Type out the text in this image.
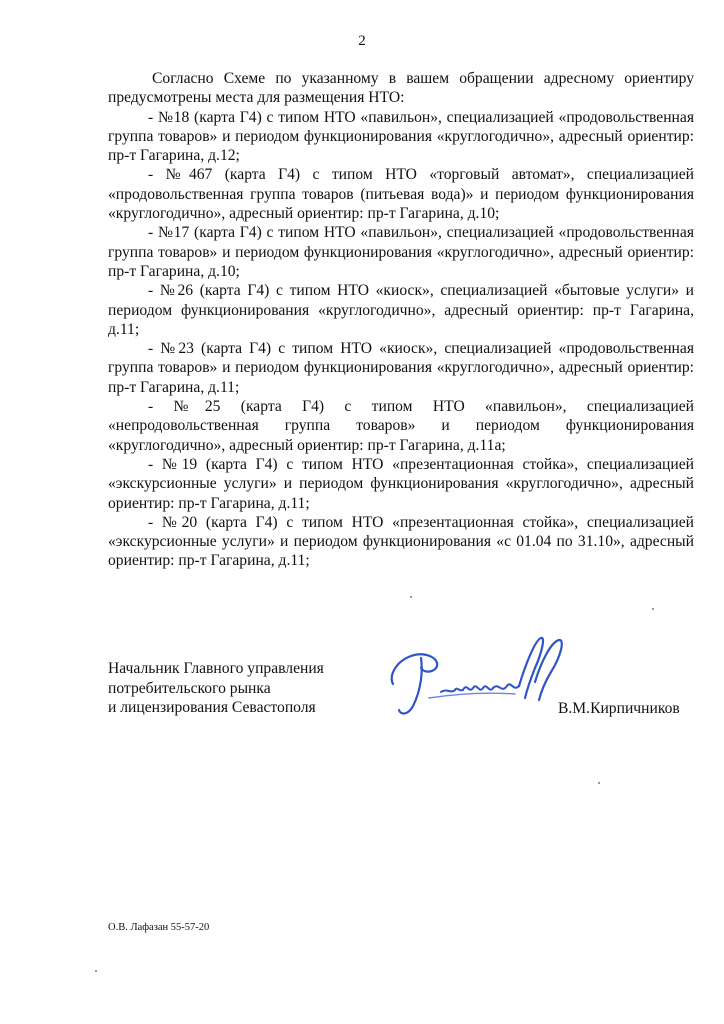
2

Согласно Схеме по указанному в вашем обращении адресному ориентиру предусмотрены места для размещения НТО:

- №18 (карта Г4) с типом НТО «павильон», специализацией «продовольственная группа товаров» и периодом функционирования «круглогодично», адресный ориентир: пр-т Гагарина, д.12;

- №467 (карта Г4) с типом НТО «торговый автомат», специализацией «продовольственная группа товаров (питьевая вода)» и периодом функционирования «круглогодично», адресный ориентир: пр-т Гагарина, д.10;

- №17 (карта Г4) с типом НТО «павильон», специализацией «продовольственная группа товаров» и периодом функционирования «круглогодично», адресный ориентир: пр-т Гагарина, д.10;

- №26 (карта Г4) с типом НТО «киоск», специализацией «бытовые услуги» и периодом функционирования «круглогодично», адресный ориентир: пр-т Гагарина, д.11;

- №23 (карта Г4) с типом НТО «киоск», специализацией «продовольственная группа товаров» и периодом функционирования «круглогодично», адресный ориентир: пр-т Гагарина, д.11;

- №25 (карта Г4) с типом НТО «павильон», специализацией «непродовольственная группа товаров» и периодом функционирования «круглогодично», адресный ориентир: пр-т Гагарина, д.11а;

- №19 (карта Г4) с типом НТО «презентационная стойка», специализацией «экскурсионные услуги» и периодом функционирования «круглогодично», адресный ориентир: пр-т Гагарина, д.11;

- №20 (карта Г4) с типом НТО «презентационная стойка», специализацией «экскурсионные услуги» и периодом функционирования «с 01.04 по 31.10», адресный ориентир: пр-т Гагарина, д.11;

Начальник Главного управления
потребительского рынка
и лицензирования Севастополя	В.М.Кирпичников
О.В. Лафазан 55-57-20
